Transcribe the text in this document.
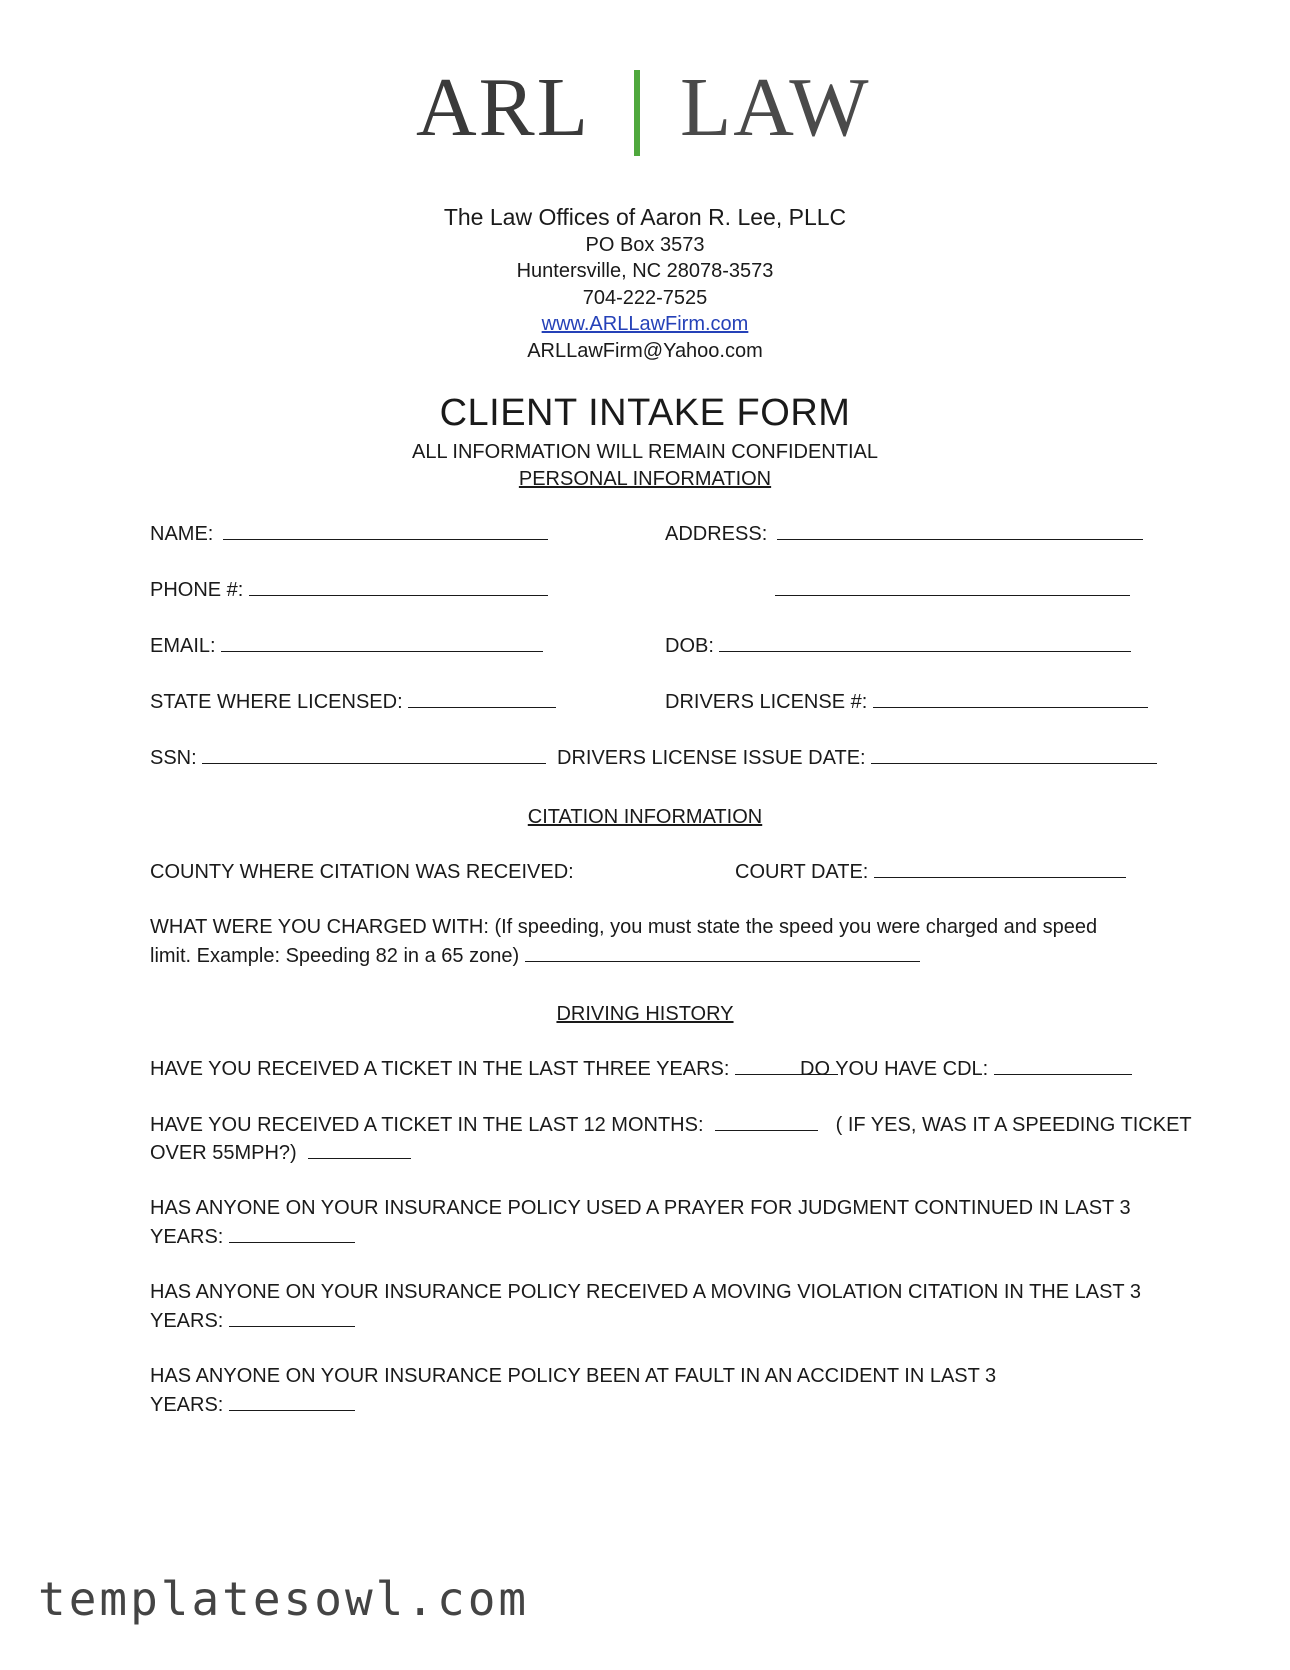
ARL LAW
The Law Offices of Aaron R. Lee, PLLC
PO Box 3573
Huntersville, NC 28078-3573
704-222-7525
www.ARLLawFirm.com
ARLLawFirm@Yahoo.com
CLIENT INTAKE FORM
ALL INFORMATION WILL REMAIN CONFIDENTIAL
PERSONAL INFORMATION
NAME:	ADDRESS:
PHONE #:
EMAIL:	DOB:
STATE WHERE LICENSED:	DRIVERS LICENSE #:
SSN:	DRIVERS LICENSE ISSUE DATE:
CITATION INFORMATION
COUNTY WHERE CITATION WAS RECEIVED:	COURT DATE:
WHAT WERE YOU CHARGED WITH: (If speeding, you must state the speed you were charged and speed
limit. Example: Speeding 82 in a 65 zone)
DRIVING HISTORY
HAVE YOU RECEIVED A TICKET IN THE LAST THREE YEARS:	DO YOU HAVE CDL:
HAVE YOU RECEIVED A TICKET IN THE LAST 12 MONTHS:	( IF YES, WAS IT A SPEEDING TICKET
OVER 55MPH?)
HAS ANYONE ON YOUR INSURANCE POLICY USED A PRAYER FOR JUDGMENT CONTINUED IN LAST 3
YEARS:
HAS ANYONE ON YOUR INSURANCE POLICY RECEIVED A MOVING VIOLATION CITATION IN THE LAST 3
YEARS:
HAS ANYONE ON YOUR INSURANCE POLICY BEEN AT FAULT IN AN ACCIDENT IN LAST 3
YEARS:
templatesowl.com
